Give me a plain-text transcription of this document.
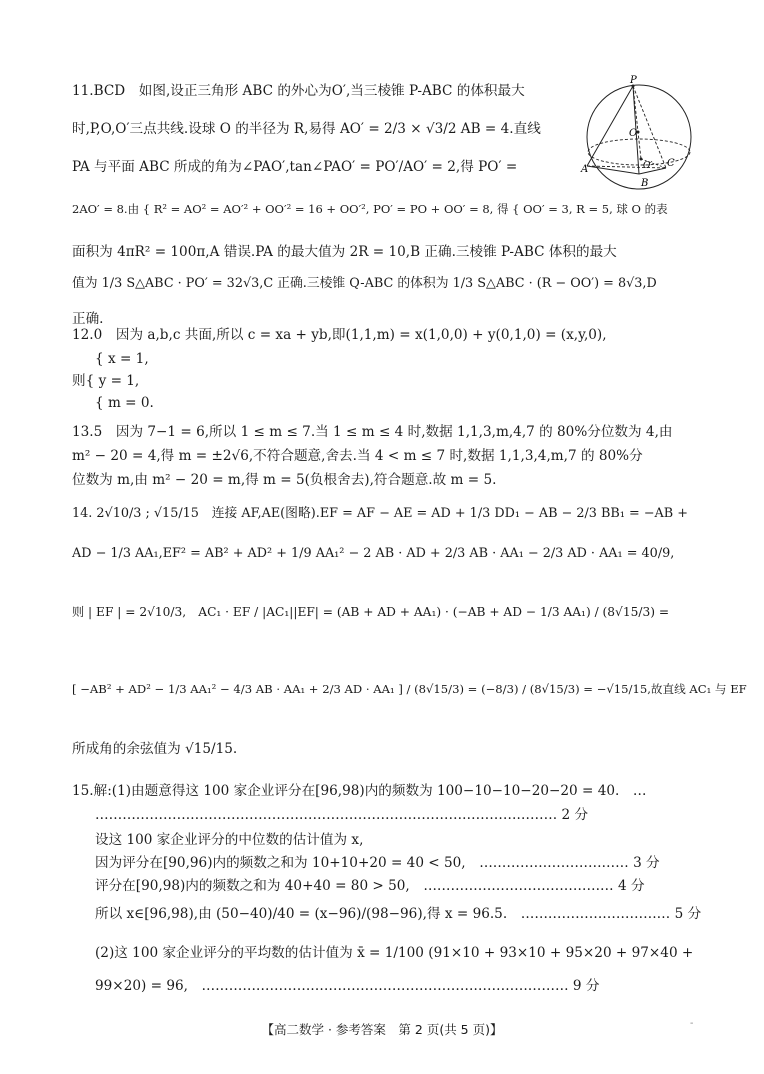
11.BCD　如图,设正三角形 ABC 的外心为O′,当三棱锥 P-ABC 的体积最大
时,P,O,O′三点共线.设球 O 的半径为 R,易得 AO′ = 2/3 × √3/2 AB = 4.直线
PA 与平面 ABC 所成的角为∠PAO′,tan∠PAO′ = PO′/AO′ = 2,得 PO′ =
2AO′ = 8.由 { R² = AO² = AO′² + OO′² = 16 + OO′², PO′ = PO + OO′ = 8, 得 { OO′ = 3, R = 5, 球 O 的表
面积为 4πR² = 100π,A 错误.PA 的最大值为 2R = 10,B 正确.三棱锥 P-ABC 体积的最大
值为 1/3 S△ABC · PO′ = 32√3,C 正确.三棱锥 Q-ABC 的体积为 1/3 S△ABC · (R − OO′) = 8√3,D
正确.
12.0　因为 a,b,c 共面,所以 c = xa + yb,即(1,1,m) = x(1,0,0) + y(0,1,0) = (x,y,0),
{ x = 1,
则{ y = 1,
{ m = 0.
13.5　因为 7−1 = 6,所以 1 ≤ m ≤ 7.当 1 ≤ m ≤ 4 时,数据 1,1,3,m,4,7 的 80%分位数为 4,由
m² − 20 = 4,得 m = ±2√6,不符合题意,舍去.当 4 < m ≤ 7 时,数据 1,1,3,4,m,7 的 80%分
位数为 m,由 m² − 20 = m,得 m = 5(负根舍去),符合题意.故 m = 5.
14. 2√10/3 ; √15/15　连接 AF,AE(图略).EF = AF − AE = AD + 1/3 DD₁ − AB − 2/3 BB₁ = −AB +
AD − 1/3 AA₁,EF² = AB² + AD² + 1/9 AA₁² − 2 AB · AD + 2/3 AB · AA₁ − 2/3 AD · AA₁ = 40/9,
则 | EF | = 2√10/3,　AC₁ · EF / |AC₁||EF| = (AB + AD + AA₁) · (−AB + AD − 1/3 AA₁) / (8√15/3) =
[ −AB² + AD² − 1/3 AA₁² − 4/3 AB · AA₁ + 2/3 AD · AA₁ ] / (8√15/3) = (−8/3) / (8√15/3) = −√15/15,故直线 AC₁ 与 EF
所成角的余弦值为 √15/15.
15.解:(1)由题意得这 100 家企业评分在[96,98)内的频数为 100−10−10−20−20 = 40.　…
………………………………………………………………………………………… 2 分
设这 100 家企业评分的中位数的估计值为 x,
因为评分在[90,96)内的频数之和为 10+10+20 = 40 < 50,　…………………………… 3 分
评分在[90,98)内的频数之和为 40+40 = 80 > 50,　…………………………………… 4 分
所以 x∈[96,98),由 (50−40)/40 = (x−96)/(98−96),得 x = 96.5.　…………………………… 5 分
(2)这 100 家企业评分的平均数的估计值为 x̄ = 1/100 (91×10 + 93×10 + 95×20 + 97×40 +
99×20) = 96,　……………………………………………………………………… 9 分
P
O
A	O′ C
B
【高二数学 · 参考答案　第 2 页(共 5 页)】	-
